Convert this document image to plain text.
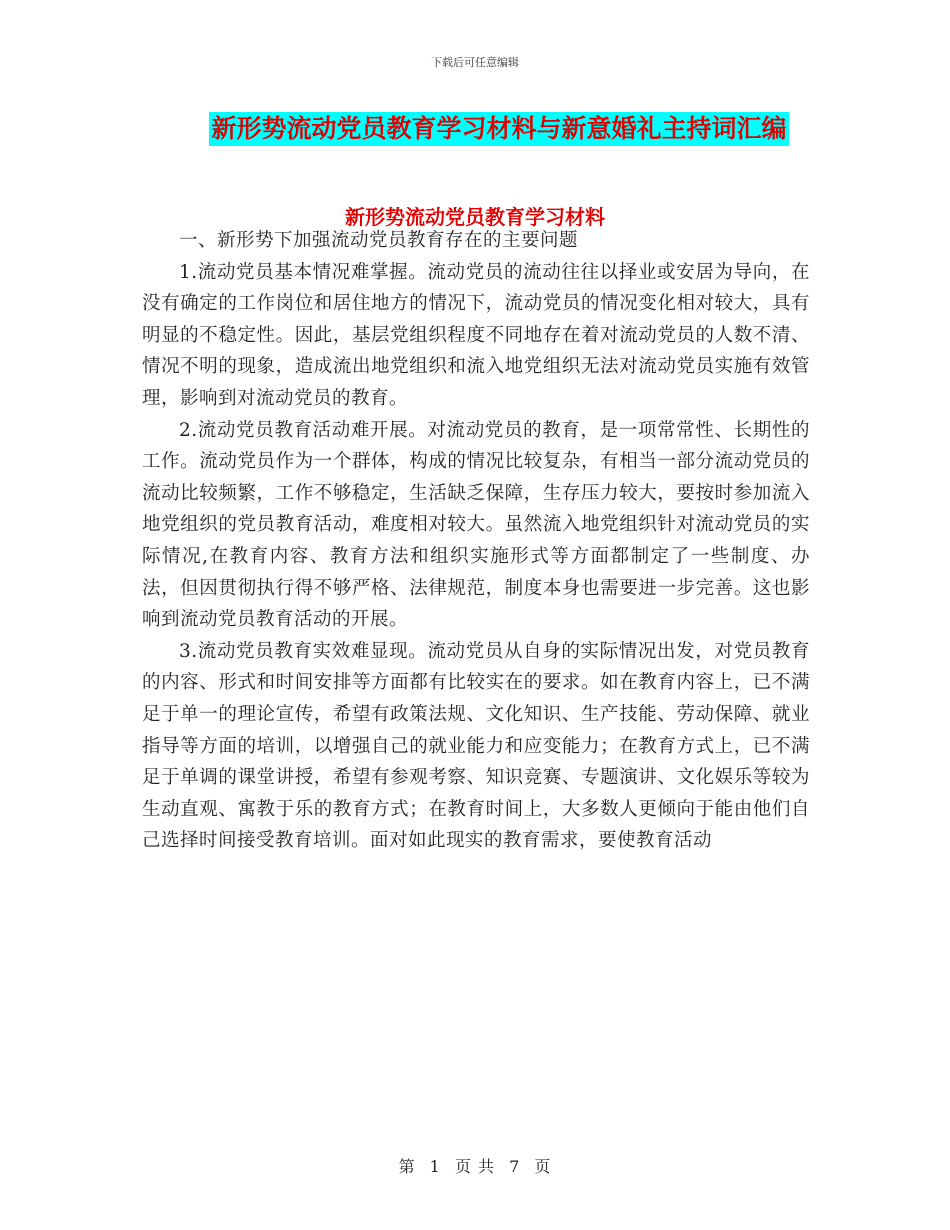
下载后可任意编辑
新形势流动党员教育学习材料与新意婚礼主持词汇编
新形势流动党员教育学习材料

一、新形势下加强流动党员教育存在的主要问题

1.流动党员基本情况难掌握。流动党员的流动往往以择业或安居为导向，在没有确定的工作岗位和居住地方的情况下，流动党员的情况变化相对较大，具有明显的不稳定性。因此，基层党组织程度不同地存在着对流动党员的人数不清、情况不明的现象，造成流出地党组织和流入地党组织无法对流动党员实施有效管理，影响到对流动党员的教育。

2.流动党员教育活动难开展。对流动党员的教育，是一项常常性、长期性的工作。流动党员作为一个群体，构成的情况比较复杂，有相当一部分流动党员的流动比较频繁，工作不够稳定，生活缺乏保障，生存压力较大，要按时参加流入地党组织的党员教育活动，难度相对较大。虽然流入地党组织针对流动党员的实际情况,在教育内容、教育方法和组织实施形式等方面都制定了一些制度、办法，但因贯彻执行得不够严格、法律规范，制度本身也需要进一步完善。这也影响到流动党员教育活动的开展。

3.流动党员教育实效难显现。流动党员从自身的实际情况出发，对党员教育的内容、形式和时间安排等方面都有比较实在的要求。如在教育内容上，已不满足于单一的理论宣传，希望有政策法规、文化知识、生产技能、劳动保障、就业指导等方面的培训，以增强自己的就业能力和应变能力；在教育方式上，已不满足于单调的课堂讲授，希望有参观考察、知识竞赛、专题演讲、文化娱乐等较为生动直观、寓教于乐的教育方式；在教育时间上，大多数人更倾向于能由他们自己选择时间接受教育培训。面对如此现实的教育需求，要使教育活动

第 1 页 共 7 页
